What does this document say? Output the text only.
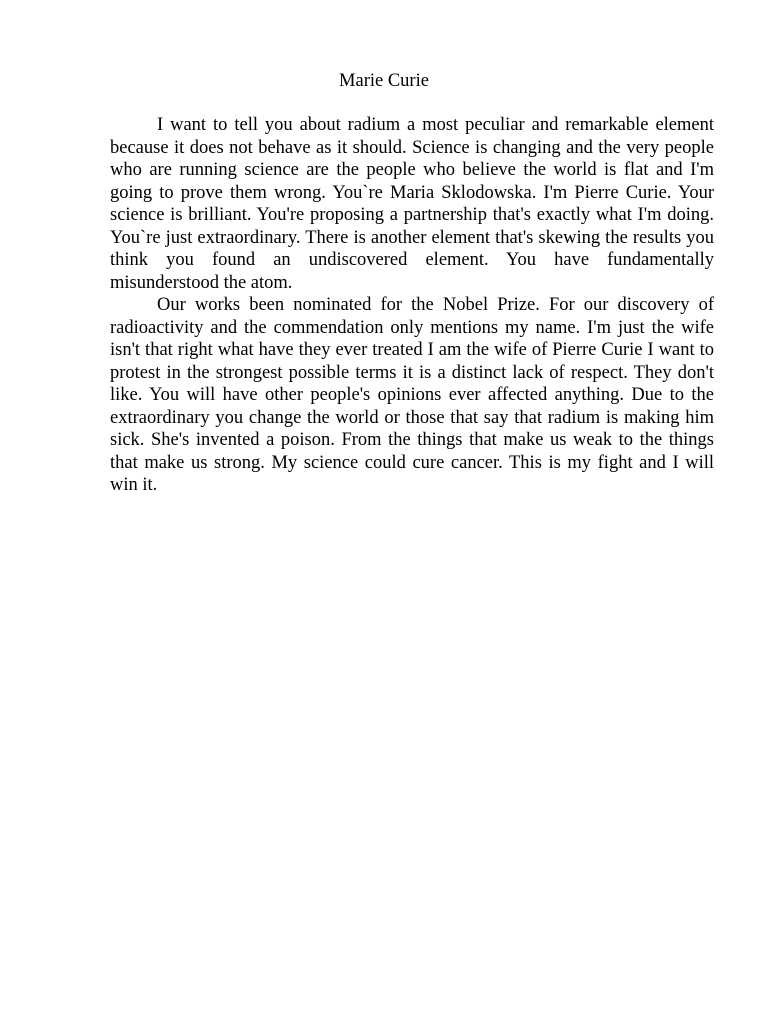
Marie Curie

I want to tell you about radium a most peculiar and remarkable element because it does not behave as it should. Science is changing and the very people who are running science are the people who believe the world is flat and I'm going to prove them wrong. You`re Maria Sklodowska. I'm Pierre Curie. Your science is brilliant. You're proposing a partnership that's exactly what I'm doing. You`re just extraordinary. There is another element that's skewing the results you think you found an undiscovered element. You have fundamentally misunderstood the atom.

Our works been nominated for the Nobel Prize. For our discovery of radioactivity and the commendation only mentions my name. I'm just the wife isn't that right what have they ever treated I am the wife of Pierre Curie I want to protest in the strongest possible terms it is a distinct lack of respect. They don't like. You will have other people's opinions ever affected anything. Due to the extraordinary you change the world or those that say that radium is making him sick. She's invented a poison. From the things that make us weak to the things that make us strong. My science could cure cancer. This is my fight and I will win it.
